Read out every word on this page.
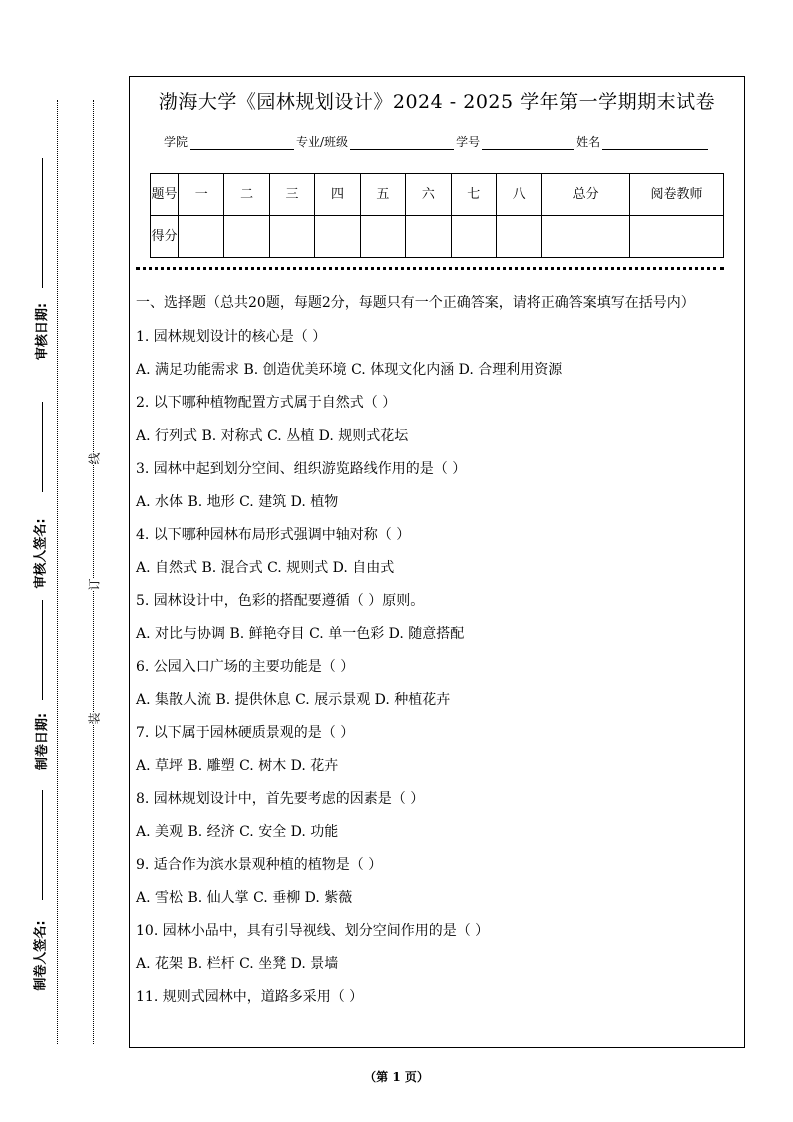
审核日期:
审核人签名:
制卷日期:
制卷人签名:
线
订
装
渤海大学《园林规划设计》2024 - 2025 学年第一学期期末试卷
学院	专业/班级	学号	姓名
题号	一	二	三	四	五	六	七	八	总分	阅卷教师
得分										
一、选择题（总共20题，每题2分，每题只有一个正确答案，请将正确答案填写在括号内）
1. 园林规划设计的核心是（ ）
A. 满足功能需求 B. 创造优美环境 C. 体现文化内涵 D. 合理利用资源
2. 以下哪种植物配置方式属于自然式（ ）
A. 行列式 B. 对称式 C. 丛植 D. 规则式花坛
3. 园林中起到划分空间、组织游览路线作用的是（ ）
A. 水体 B. 地形 C. 建筑 D. 植物
4. 以下哪种园林布局形式强调中轴对称（ ）
A. 自然式 B. 混合式 C. 规则式 D. 自由式
5. 园林设计中，色彩的搭配要遵循（ ）原则。
A. 对比与协调 B. 鲜艳夺目 C. 单一色彩 D. 随意搭配
6. 公园入口广场的主要功能是（ ）
A. 集散人流 B. 提供休息 C. 展示景观 D. 种植花卉
7. 以下属于园林硬质景观的是（ ）
A. 草坪 B. 雕塑 C. 树木 D. 花卉
8. 园林规划设计中，首先要考虑的因素是（ ）
A. 美观 B. 经济 C. 安全 D. 功能
9. 适合作为滨水景观种植的植物是（ ）
A. 雪松 B. 仙人掌 C. 垂柳 D. 紫薇
10. 园林小品中，具有引导视线、划分空间作用的是（ ）
A. 花架 B. 栏杆 C. 坐凳 D. 景墙
11. 规则式园林中，道路多采用（ ）
（第 1 页）
